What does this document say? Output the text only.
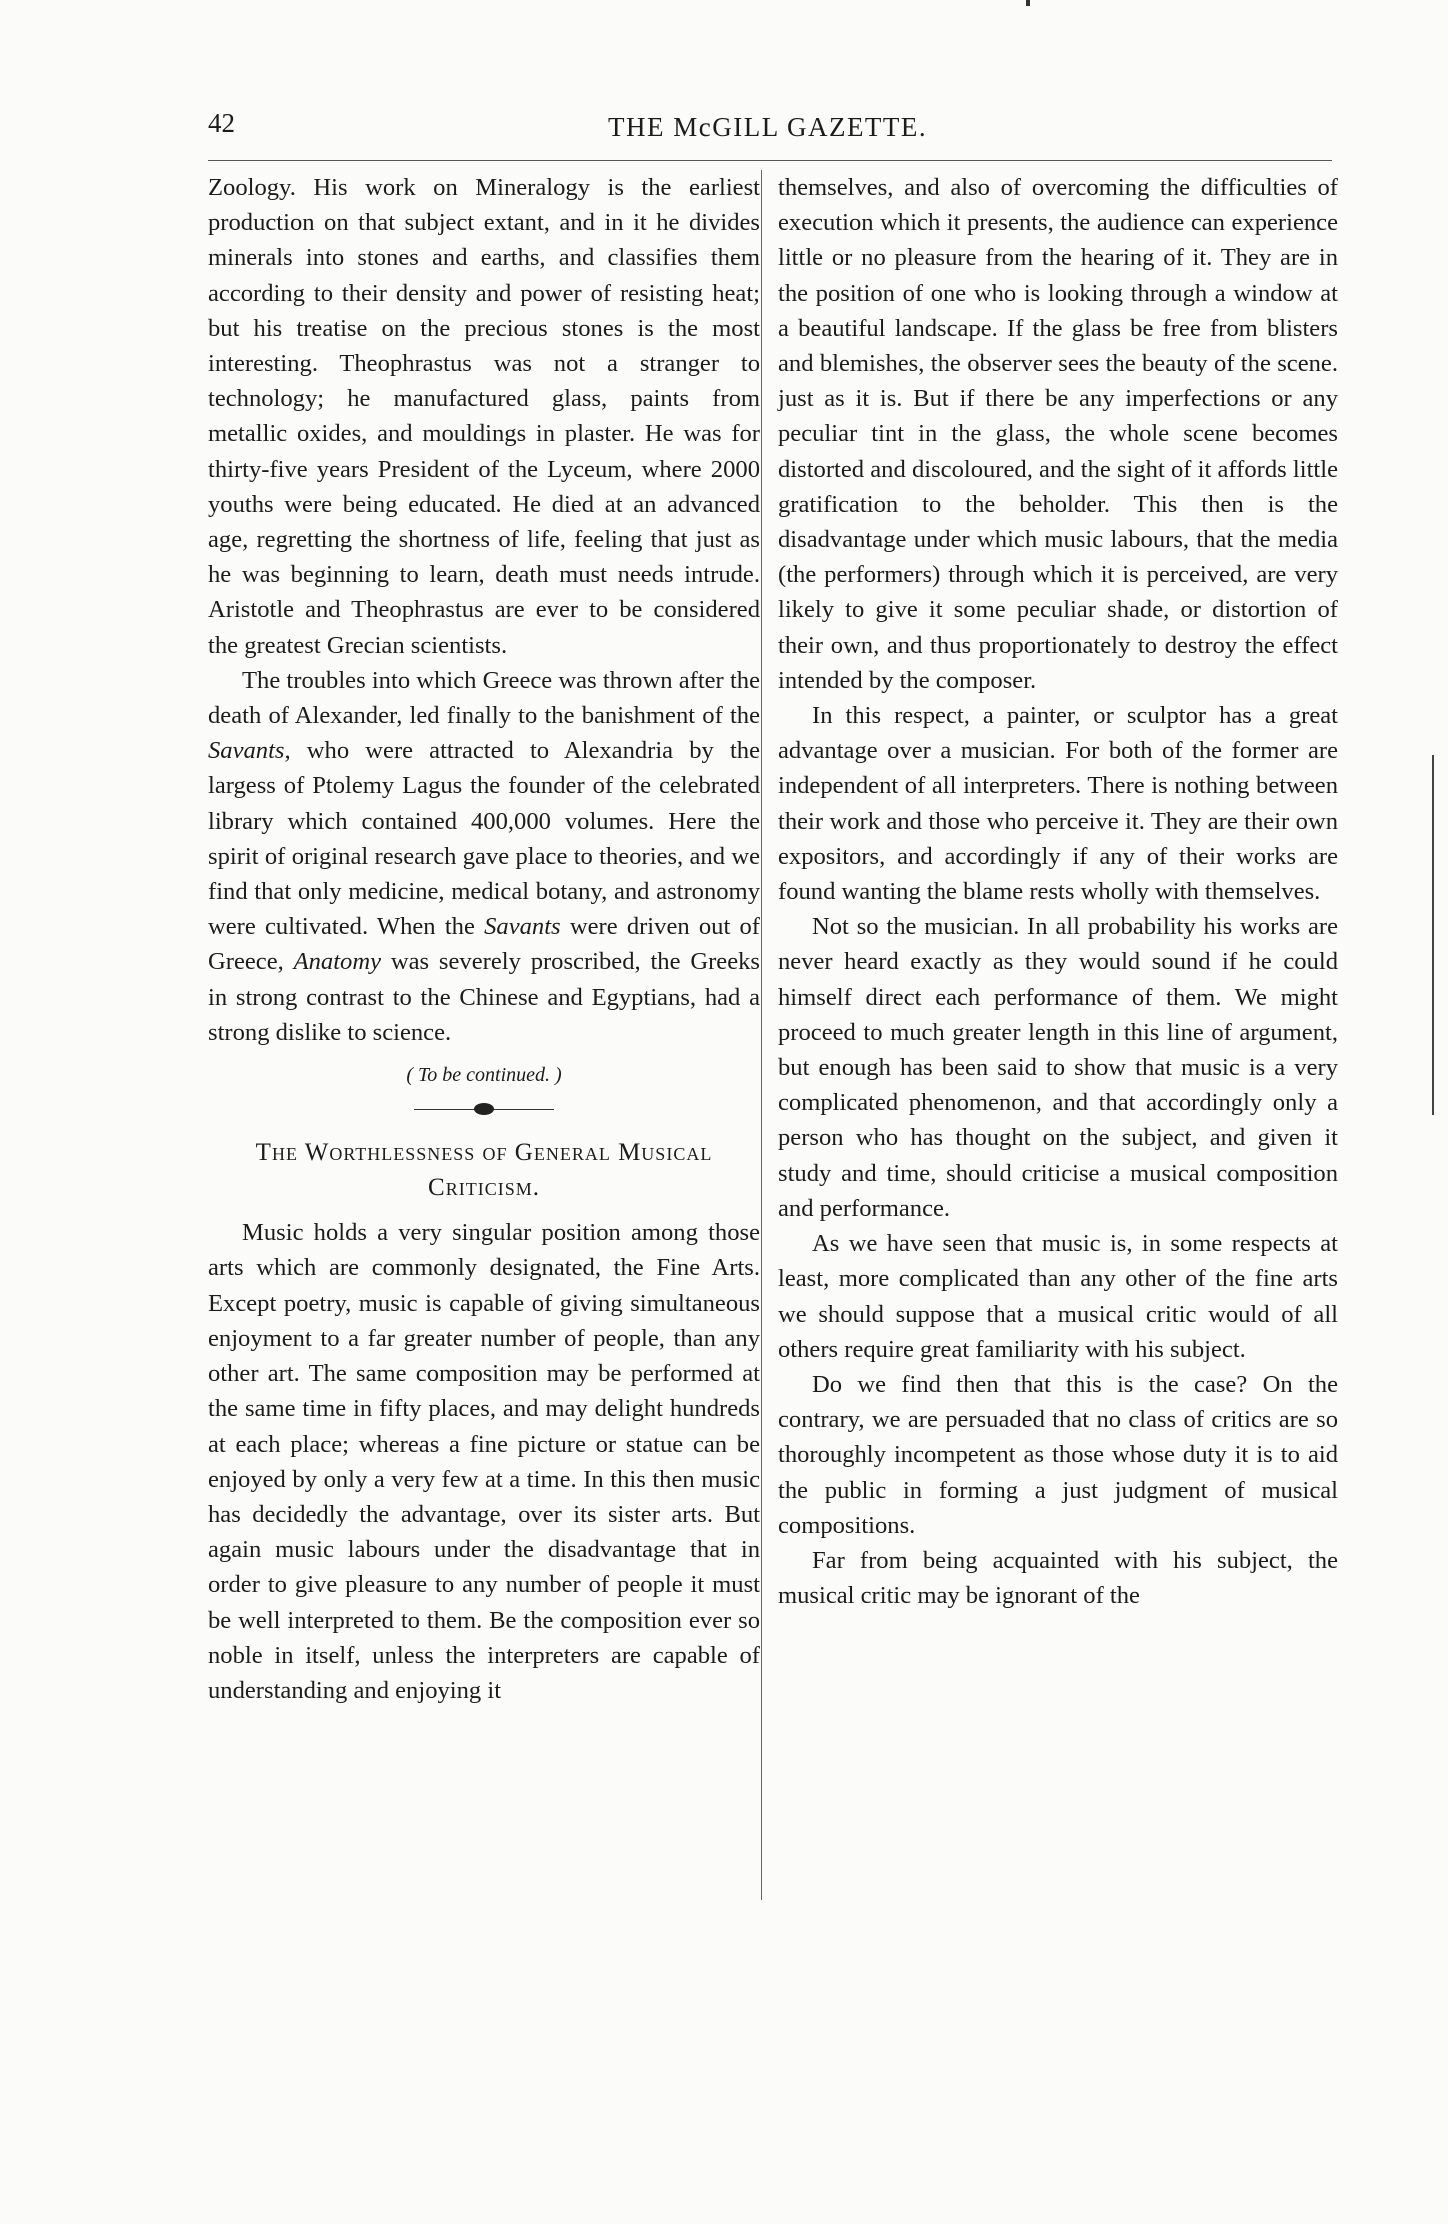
42	THE McGILL GAZETTE.

Zoology. His work on Mineralogy is the earliest production on that subject extant, and in it he divides minerals into stones and earths, and classifies them according to their density and power of resisting heat; but his treatise on the precious stones is the most interesting. Theophrastus was not a stranger to technology; he manufactured glass, paints from metallic oxides, and mouldings in plaster. He was for thirty-five years President of the Lyceum, where 2000 youths were being educated. He died at an advanced age, regretting the shortness of life, feeling that just as he was beginning to learn, death must needs intrude. Aristotle and Theophrastus are ever to be considered the greatest Grecian scientists.

The troubles into which Greece was thrown after the death of Alexander, led finally to the banishment of the Savants, who were attracted to Alexandria by the largess of Ptolemy Lagus the founder of the celebrated library which contained 400,000 volumes. Here the spirit of original research gave place to theories, and we find that only medicine, medical botany, and astronomy were cultivated. When the Savants were driven out of Greece, Anatomy was severely proscribed, the Greeks in strong contrast to the Chinese and Egyptians, had a strong dislike to science.

( To be continued. )
The Worthlessness of General Musical
Criticism.

Music holds a very singular position among those arts which are commonly designated, the Fine Arts. Except poetry, music is capable of giving simultaneous enjoyment to a far greater number of people, than any other art. The same composition may be performed at the same time in fifty places, and may delight hundreds at each place; whereas a fine picture or statue can be enjoyed by only a very few at a time. In this then music has decidedly the advantage, over its sister arts. But again music labours under the disadvantage that in order to give pleasure to any number of people it must be well interpreted to them. Be the composition ever so noble in itself, unless the interpreters are capable of understanding and enjoying it

themselves, and also of overcoming the difficulties of execution which it presents, the audience can experience little or no pleasure from the hearing of it. They are in the position of one who is looking through a window at a beautiful landscape. If the glass be free from blisters and blemishes, the observer sees the beauty of the scene. just as it is. But if there be any imperfections or any peculiar tint in the glass, the whole scene becomes distorted and discoloured, and the sight of it affords little gratification to the beholder. This then is the disadvantage under which music labours, that the media (the performers) through which it is perceived, are very likely to give it some peculiar shade, or distortion of their own, and thus proportionately to destroy the effect intended by the composer.

In this respect, a painter, or sculptor has a great advantage over a musician. For both of the former are independent of all interpreters. There is nothing between their work and those who perceive it. They are their own expositors, and accordingly if any of their works are found wanting the blame rests wholly with themselves.

Not so the musician. In all probability his works are never heard exactly as they would sound if he could himself direct each performance of them. We might proceed to much greater length in this line of argument, but enough has been said to show that music is a very complicated phenomenon, and that accordingly only a person who has thought on the subject, and given it study and time, should criticise a musical composition and performance.

As we have seen that music is, in some respects at least, more complicated than any other of the fine arts we should suppose that a musical critic would of all others require great familiarity with his subject.

Do we find then that this is the case? On the contrary, we are persuaded that no class of critics are so thoroughly incompetent as those whose duty it is to aid the public in forming a just judgment of musical compositions.

Far from being acquainted with his subject, the musical critic may be ignorant of the
